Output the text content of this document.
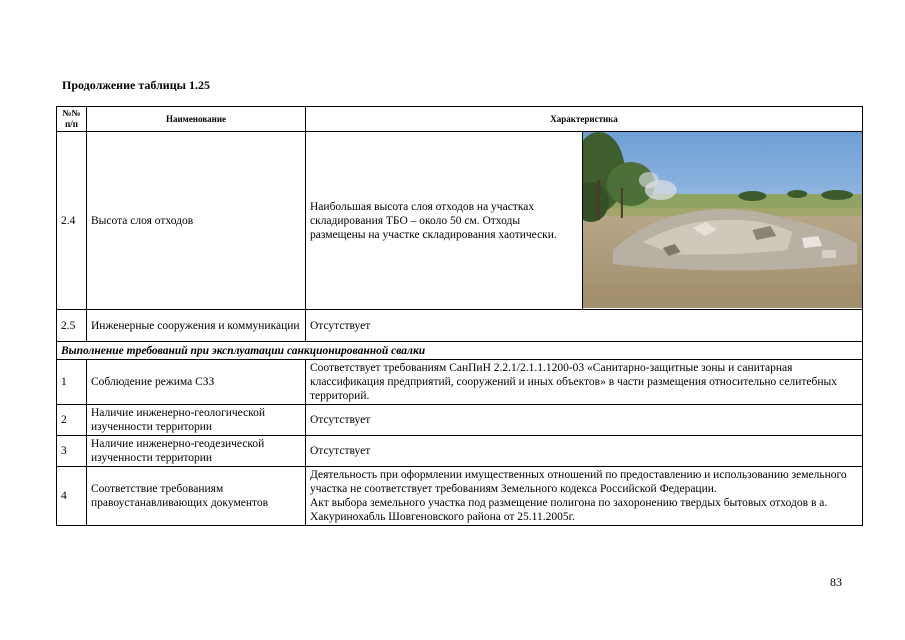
Продолжение таблицы 1.25
№№ п/п	Наименование	Характеристика	
2.4	Высота слоя отходов	Наибольшая высота слоя отходов на участках складирования ТБО – около 50 см. Отходы размещены на участке складирования хаотически.	

2.5	Инженерные сооружения и коммуникации	Отсутствует	
Выполнение требований при эксплуатации санкционированной свалки			
1	Соблюдение режима СЗЗ	Соответствует требованиям СанПиН 2.2.1/2.1.1.1200-03 «Санитарно-защитные зоны и санитарная классификация предприятий, сооружений и иных объектов» в части размещения относительно селитебных территорий.	
2	Наличие инженерно-геологической изученности территории	Отсутствует	
3	Наличие инженерно-геодезической изученности территории	Отсутствует	
4	Соответствие требованиям правоустанавливающих документов	Деятельность при оформлении имущественных отношений по предоставлению и использованию земельного участка не соответствует требованиям Земельного кодекса Российской Федерации.
Акт выбора земельного участка под размещение полигона по захоронению твердых бытовых отходов в а. Хакуринохабль Шовгеновского района от 25.11.2005г.	
83
